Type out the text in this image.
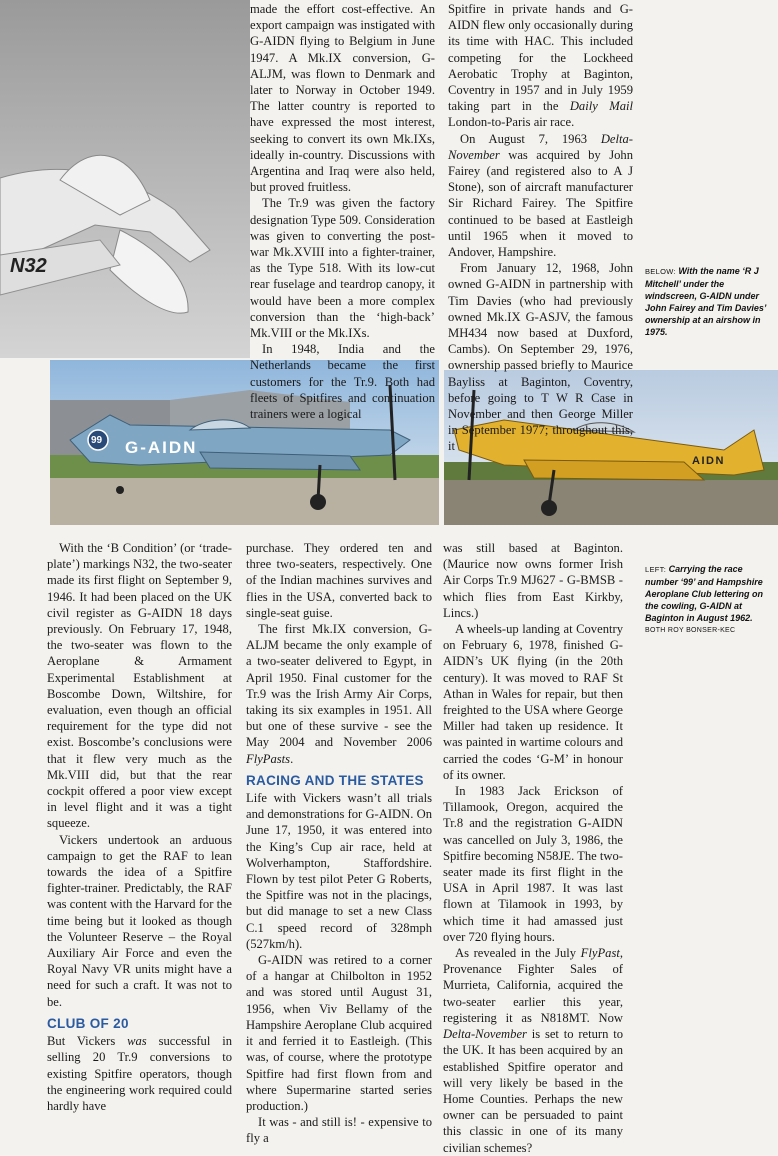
N32
99 G-AIDN
AIDN

made the effort cost-effective. An export campaign was instigated with G-AIDN flying to Belgium in June 1947. A Mk.IX conversion, G-ALJM, was flown to Denmark and later to Norway in October 1949. The latter country is reported to have expressed the most interest, seeking to convert its own Mk.IXs, ideally in-country. Discussions with Argentina and Iraq were also held, but proved fruitless.

The Tr.9 was given the factory designation Type 509. Consideration was given to converting the post-war Mk.XVIII into a fighter-trainer, as the Type 518. With its low-cut rear fuselage and teardrop canopy, it would have been a more complex conversion than the ‘high-back’ Mk.VIII or the Mk.IXs.

In 1948, India and the Netherlands became the first customers for the Tr.9. Both had fleets of Spitfires and continuation trainers were a logical

Spitfire in private hands and G-AIDN flew only occasionally during its time with HAC. This included competing for the Lockheed Aerobatic Trophy at Baginton, Coventry in 1957 and in July 1959 taking part in the Daily Mail London-to-Paris air race.

On August 7, 1963 Delta-November was acquired by John Fairey (and registered also to A J Stone), son of aircraft manufacturer Sir Richard Fairey. The Spitfire continued to be based at Eastleigh until 1965 when it moved to Andover, Hampshire.

From January 12, 1968, John owned G-AIDN in partnership with Tim Davies (who had previously owned Mk.IX G-ASJV, the famous MH434 now based at Duxford, Cambs). On September 29, 1976, ownership passed briefly to Maurice Bayliss at Baginton, Coventry, before going to T W R Case in November and then George Miller in September 1977; throughout this, it

BELOW: With the name ‘R J Mitchell’ under the windscreen, G-AIDN under John Fairey and Tim Davies’ ownership at an airshow in 1975.

With the ‘B Condition’ (or ‘trade-plate’) markings N32, the two-seater made its first flight on September 9, 1946. It had been placed on the UK civil register as G-AIDN 18 days previously. On February 17, 1948, the two-seater was flown to the Aeroplane & Armament Experimental Establishment at Boscombe Down, Wiltshire, for evaluation, even though an official requirement for the type did not exist. Boscombe’s conclusions were that it flew very much as the Mk.VIII did, but that the rear cockpit offered a poor view except in level flight and it was a tight squeeze.

Vickers undertook an arduous campaign to get the RAF to lean towards the idea of a Spitfire fighter-trainer. Predictably, the RAF was content with the Harvard for the time being but it looked as though the Volunteer Reserve – the Royal Auxiliary Air Force and even the Royal Navy VR units might have a need for such a craft. It was not to be.

CLUB OF 20

But Vickers was successful in selling 20 Tr.9 conversions to existing Spitfire operators, though the engineering work required could hardly have

purchase. They ordered ten and three two-seaters, respectively. One of the Indian machines survives and flies in the USA, converted back to single-seat guise.

The first Mk.IX conversion, G-ALJM became the only example of a two-seater delivered to Egypt, in April 1950. Final customer for the Tr.9 was the Irish Army Air Corps, taking its six examples in 1951. All but one of these survive - see the May 2004 and November 2006 FlyPasts.

RACING AND THE STATES

Life with Vickers wasn’t all trials and demonstrations for G-AIDN. On June 17, 1950, it was entered into the King’s Cup air race, held at Wolverhampton, Staffordshire. Flown by test pilot Peter G Roberts, the Spitfire was not in the placings, but did manage to set a new Class C.1 speed record of 328mph (527km/h).

G-AIDN was retired to a corner of a hangar at Chilbolton in 1952 and was stored until August 31, 1956, when Viv Bellamy of the Hampshire Aeroplane Club acquired it and ferried it to Eastleigh. (This was, of course, where the prototype Spitfire had first flown from and where Supermarine started series production.)

It was - and still is! - expensive to fly a

was still based at Baginton. (Maurice now owns former Irish Air Corps Tr.9 MJ627 - G-BMSB - which flies from East Kirkby, Lincs.)

A wheels-up landing at Coventry on February 6, 1978, finished G-AIDN’s UK flying (in the 20th century). It was moved to RAF St Athan in Wales for repair, but then freighted to the USA where George Miller had taken up residence. It was painted in wartime colours and carried the codes ‘G-M’ in honour of its owner.

In 1983 Jack Erickson of Tillamook, Oregon, acquired the Tr.8 and the registration G-AIDN was cancelled on July 3, 1986, the Spitfire becoming N58JE. The two-seater made its first flight in the USA in April 1987. It was last flown at Tilamook in 1993, by which time it had amassed just over 720 flying hours.

As revealed in the July FlyPast, Provenance Fighter Sales of Murrieta, California, acquired the two-seater earlier this year, registering it as N818MT. Now Delta-November is set to return to the UK. It has been acquired by an established Spitfire operator and will very likely be based in the Home Counties. Perhaps the new owner can be persuaded to paint this classic in one of its many civilian schemes?

LEFT: Carrying the race number ‘99’ and Hampshire Aeroplane Club lettering on the cowling, G-AIDN at Baginton in August 1962.
BOTH ROY BONSER-KEC
